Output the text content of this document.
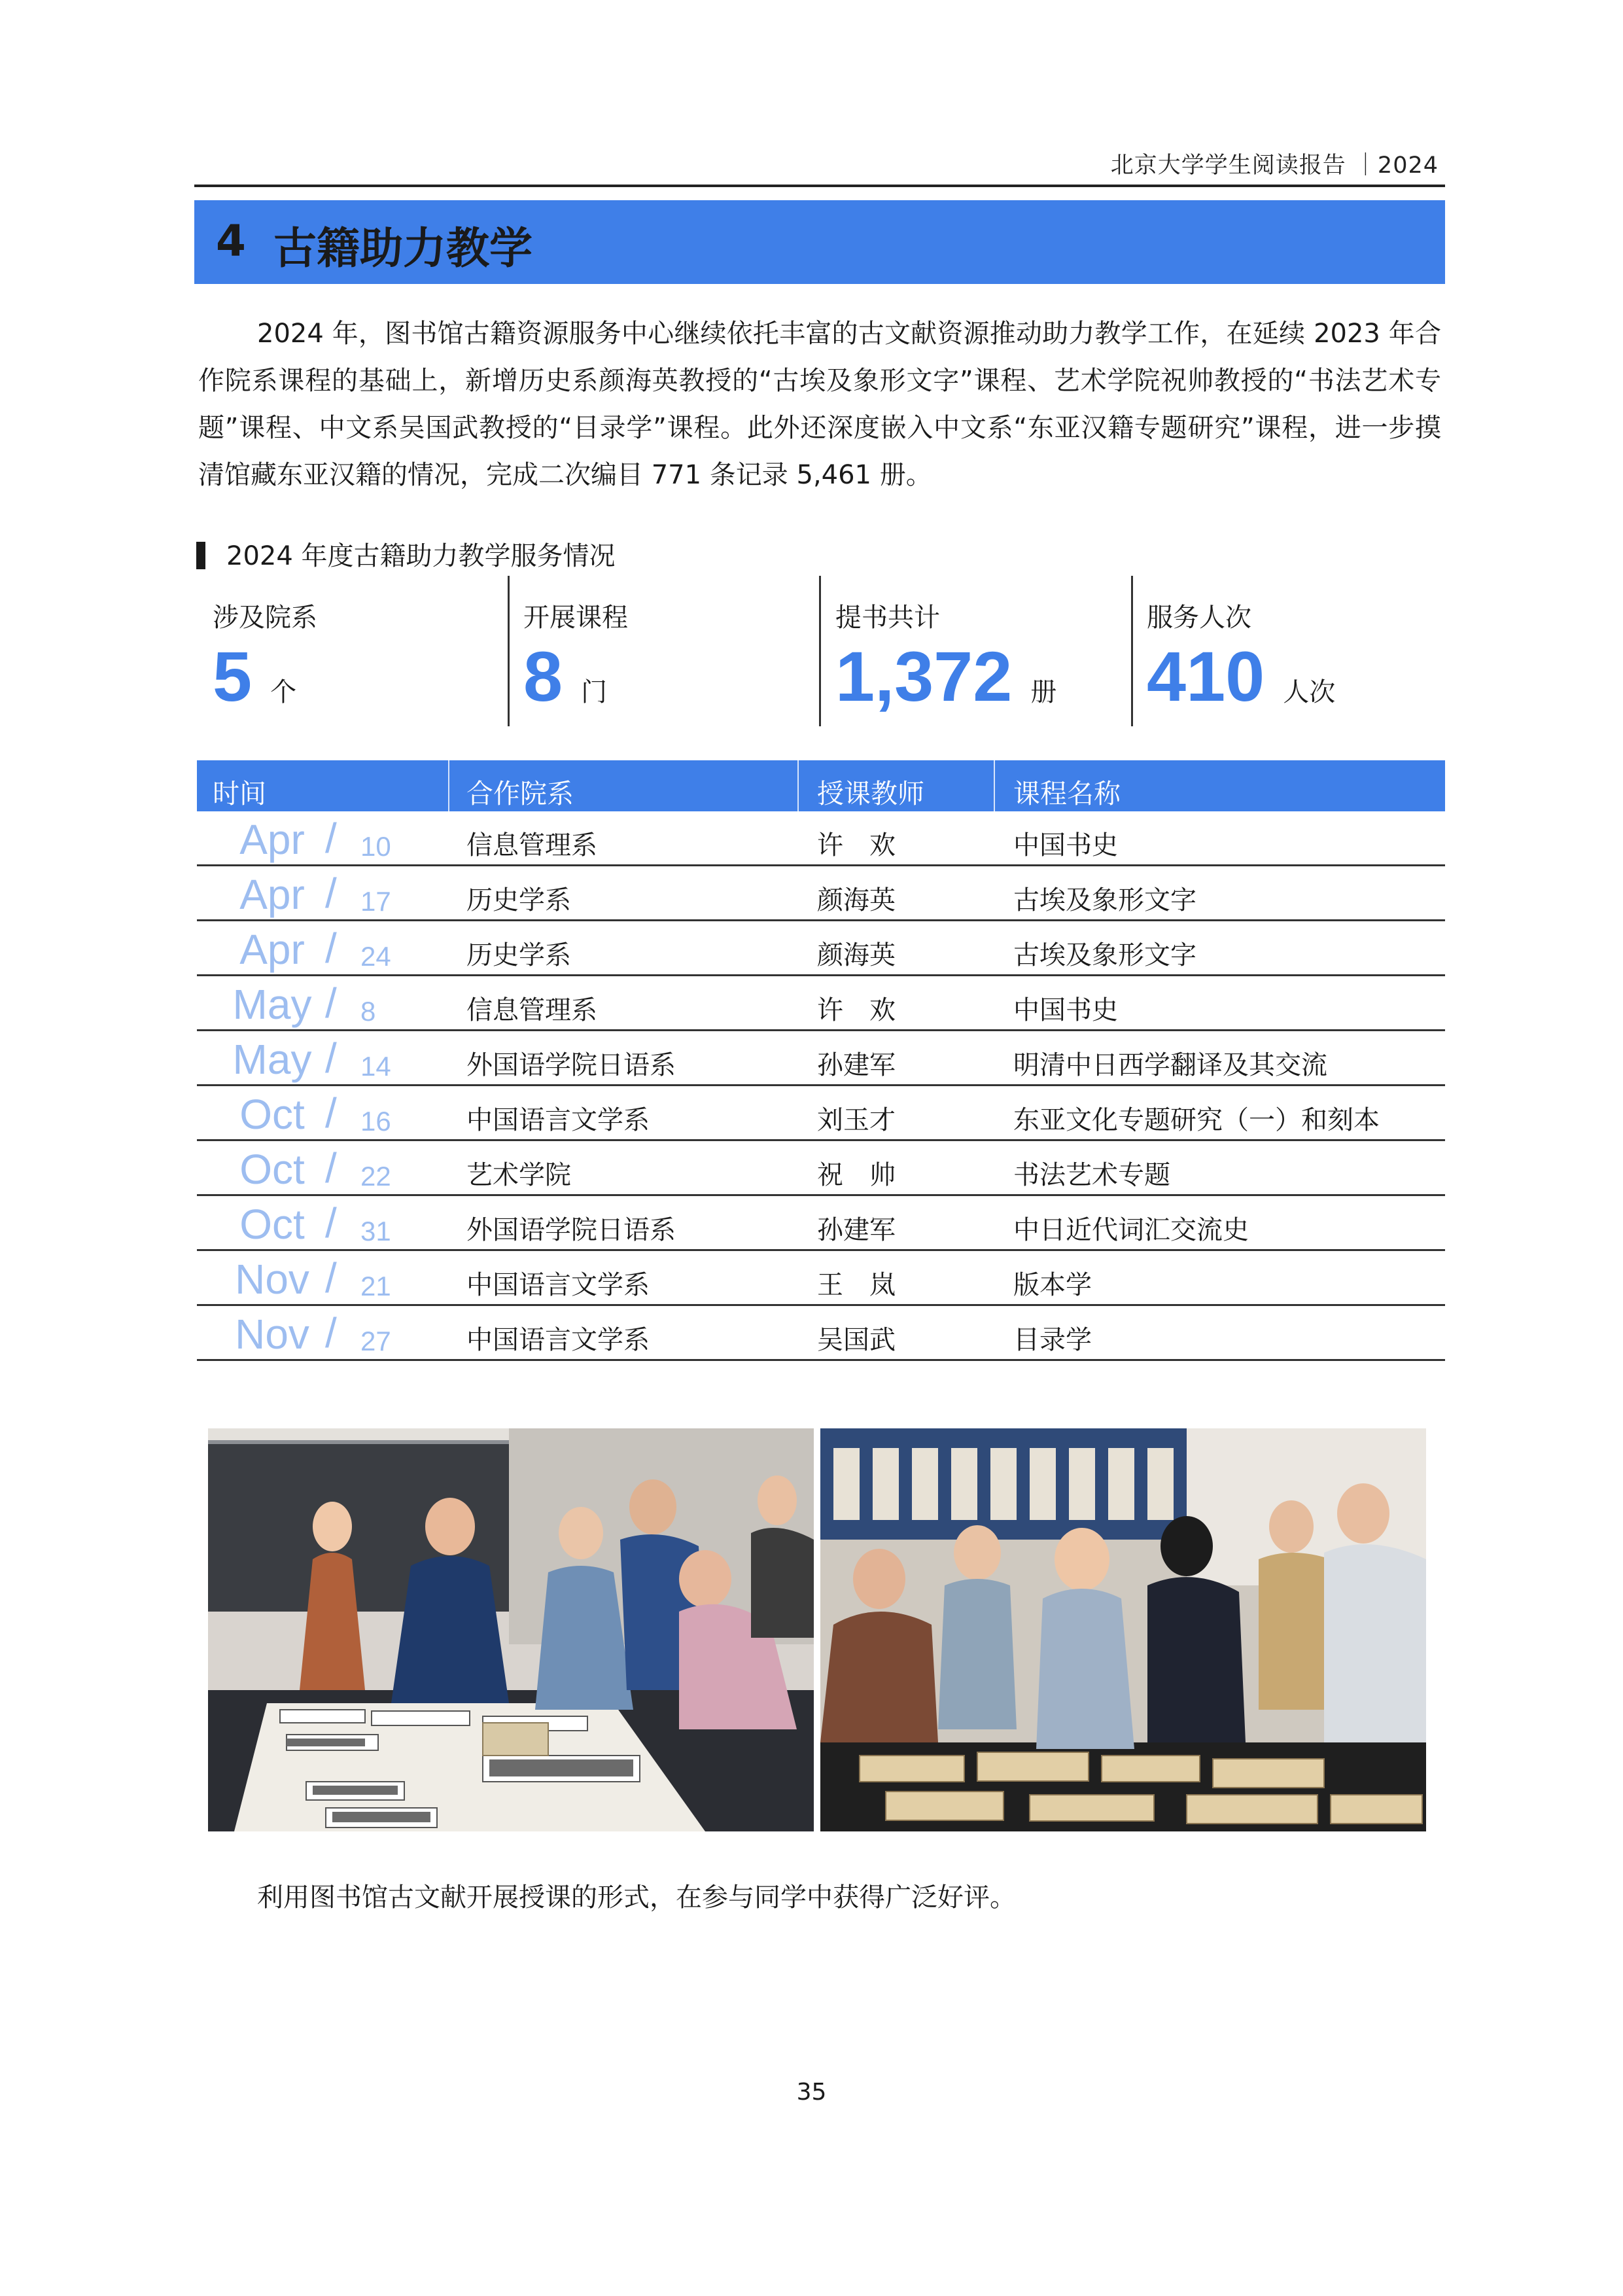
北京大学学生阅读报告 ｜2024
4 古籍助力教学
2024 年，图书馆古籍资源服务中心继续依托丰富的古文献资源推动助力教学工作，在延续 2023 年合作院系课程的基础上，新增历史系颜海英教授的“古埃及象形文字”课程、艺术学院祝帅教授的“书法艺术专题”课程、中文系吴国武教授的“目录学”课程。此外还深度嵌入中文系“东亚汉籍专题研究”课程，进一步摸清馆藏东亚汉籍的情况，完成二次编目 771 条记录 5,461 册。
2024 年度古籍助力教学服务情况
涉及院系
5 个
开展课程
8 门
提书共计
1,372 册
服务人次
410 人次
时间	合作院系	授课教师	课程名称
Apr / 10	信息管理系	许　欢	中国书史
Apr / 17	历史学系	颜海英	古埃及象形文字
Apr / 24	历史学系	颜海英	古埃及象形文字
May / 8	信息管理系	许　欢	中国书史
May / 14	外国语学院日语系	孙建军	明清中日西学翻译及其交流
Oct / 16	中国语言文学系	刘玉才	东亚文化专题研究（一）和刻本
Oct / 22	艺术学院	祝　帅	书法艺术专题
Oct / 31	外国语学院日语系	孙建军	中日近代词汇交流史
Nov / 21	中国语言文学系	王　岚	版本学
Nov / 27	中国语言文学系	吴国武	目录学
利用图书馆古文献开展授课的形式，在参与同学中获得广泛好评。
35
